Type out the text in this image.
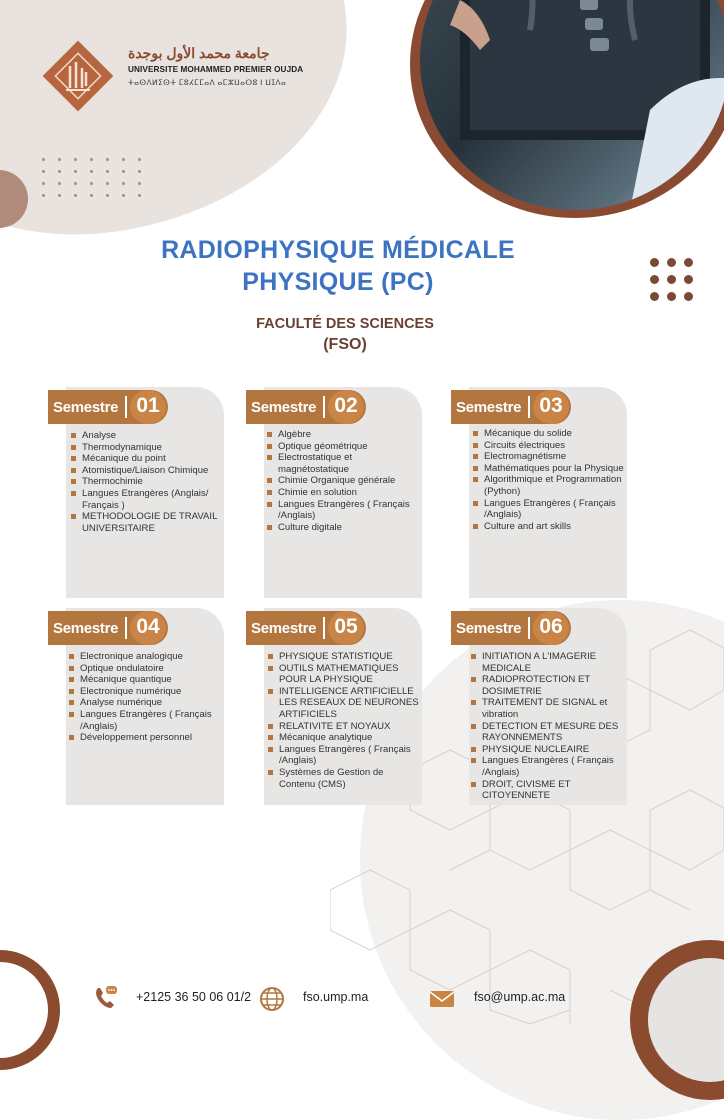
جامعة محمد الأول بوجدة
UNIVERSITE MOHAMMED PREMIER OUJDA
ⵜⴰⵙⴷⵍⵉⵙⵜ ⵎⵓⵃⵎⵎⴰⴷ ⴰⵎⵣⵡⴰⵔⵓ ⵏ ⵡⵊⴷⴰ
RADIOPHYSIQUE MÉDICALE
PHYSIQUE (PC)
FACULTÉ DES SCIENCES
(FSO)
Semestre 01	Semestre 02	Semestre 03
Semestre 04	Semestre 05	Semestre 06
Analyse
Thermodynamique
Mécanique du point
Atomistique/Liaison Chimique
Thermochimie
Langues Etrangères (Anglais/ Français )
METHODOLOGIE DE TRAVAIL UNIVERSITAIRE
Algèbre
Optique géométrique
Electrostatique et magnétostatique
Chimie Organique générale
Chimie en solution
Langues Etrangères ( Français /Anglais)
Culture digitale
Mécanique du solide
Circuits électriques
Electromagnétisme
Mathématiques pour la Physique
Algorithmique et Programmation (Python)
Langues Etrangères ( Français /Anglais)
Culture and art skills
Electronique analogique
Optique ondulatoire
Mécanique quantique
Electronique numérique
Analyse numérique
Langues Etrangères ( Français /Anglais)
Développement personnel
PHYSIQUE STATISTIQUE
OUTILS MATHEMATIQUES POUR LA PHYSIQUE
INTELLIGENCE ARTIFICIELLE LES RESEAUX DE NEURONES ARTIFICIELS
RELATIVITE ET NOYAUX
Mécanique analytique
Langues Etrangères ( Français /Anglais)
Systèmes de Gestion de Contenu (CMS)
INITIATION A L'IMAGERIE MEDICALE
RADIOPROTECTION ET DOSIMETRIE
TRAITEMENT DE SIGNAL et vibration
DETECTION ET MESURE DES RAYONNEMENTS
PHYSIQUE NUCLEAIRE
Langues Etrangères ( Français /Anglais)
DROIT, CIVISME ET CITOYENNETE
+2125 36 50 06 01/2	fso.ump.ma	fso@ump.ac.ma
